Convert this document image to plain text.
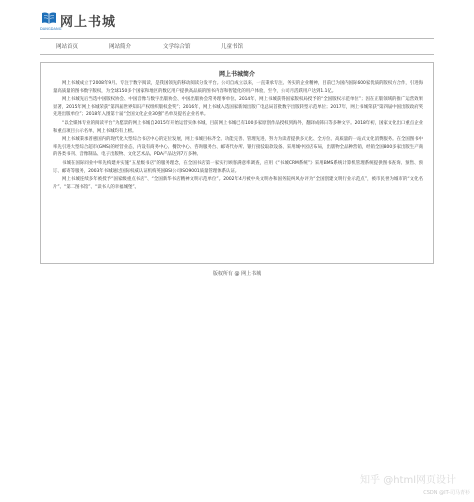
DANGDANG
网上书城
网站首页	网站简介	文学综合馆	儿童书馆
网上书城简介

网上书城成立于2008年9月。专注于数字阅读，是我国领先的移动阅读分发平台。公司自成立以来，一直秉承专注、务实的企业精神，目前已为国内国际600家优质的版权方合作，引进海量高质量的图书数字版权，为全球150多个国家和地区的数亿用户提供高品质的图书内容和智能化的用户体验，至今，公司月活跃用户达到1.1亿。

网上书城先后当选中国版权协会、中国音像与数字出版协会、中国出版协会常务理事单位。2014年，网上书城获得国家版权局授予的“全国版权示范单位”；因在正版领域的推广运营效果显著，2015年网上书城荣获“第四届世界知识产权组织版权金奖”；2016年，网上书城入选国家新闻出版广电总局首批数字出版转型示范单位；2017年，网上书城荣获“第四届中国出版政府奖先进出版单位”；2018年入围第十届“全国文化企业30强”名单及提名企业名单。

“以全媒体专业的阅读平台”为愿景的网上书城自2015年开始运营实体书城，目前网上书城已有100多家原创作品授权到海外，翻译成韩日等多种文字。2018年初，国家文化出口重点企业和重点项目公示名单，网上书城均有上榜。

网上书城秉承普惠国内的现代化大型综合书店中心的定位发展，网上书城目标齐全、功能完善、管理先进，努力为读者提供多元化、全方位、高质量的一站式文化消费服务。在全国图书中率先引进大型综合超市(GMS)的经营业态，内设有商务中心、餐饮中心、咨询服务台、邮寄代办所、银行接驳取款设备、采用城中园店布局，出版物全品种营销，经销全国800多家出版生产商的各类书刊、音像制品、电子出版物、文化艺术品。PDA产品达到7万多种。

书城在国际同业中率先构建并实施“五星级书店”的服务理念，在全国书店第一家实行顾客满意率调查，应用《“书城CRM系统”》采用BMS系统计算机管理系统提供图书查询、预售、预订、邮寄等服务，2003年书城通过国际权威认证机构英国BSI公司ISO9001质量管理体系认证。

网上书城连续多年被授予“国家级重点书店”、“全国新华书店精神文明示范单位”。2002年4月被中央文明办和国务院纠风办评为“全国创建文明行业示范点”，被市民誉为城市的“文化名片”、“第二图书馆”、“读书人的幸福城堡”。

版权所有 @ 网上书城
知乎 @html网页设计
CSDN @IT-司马青衫
